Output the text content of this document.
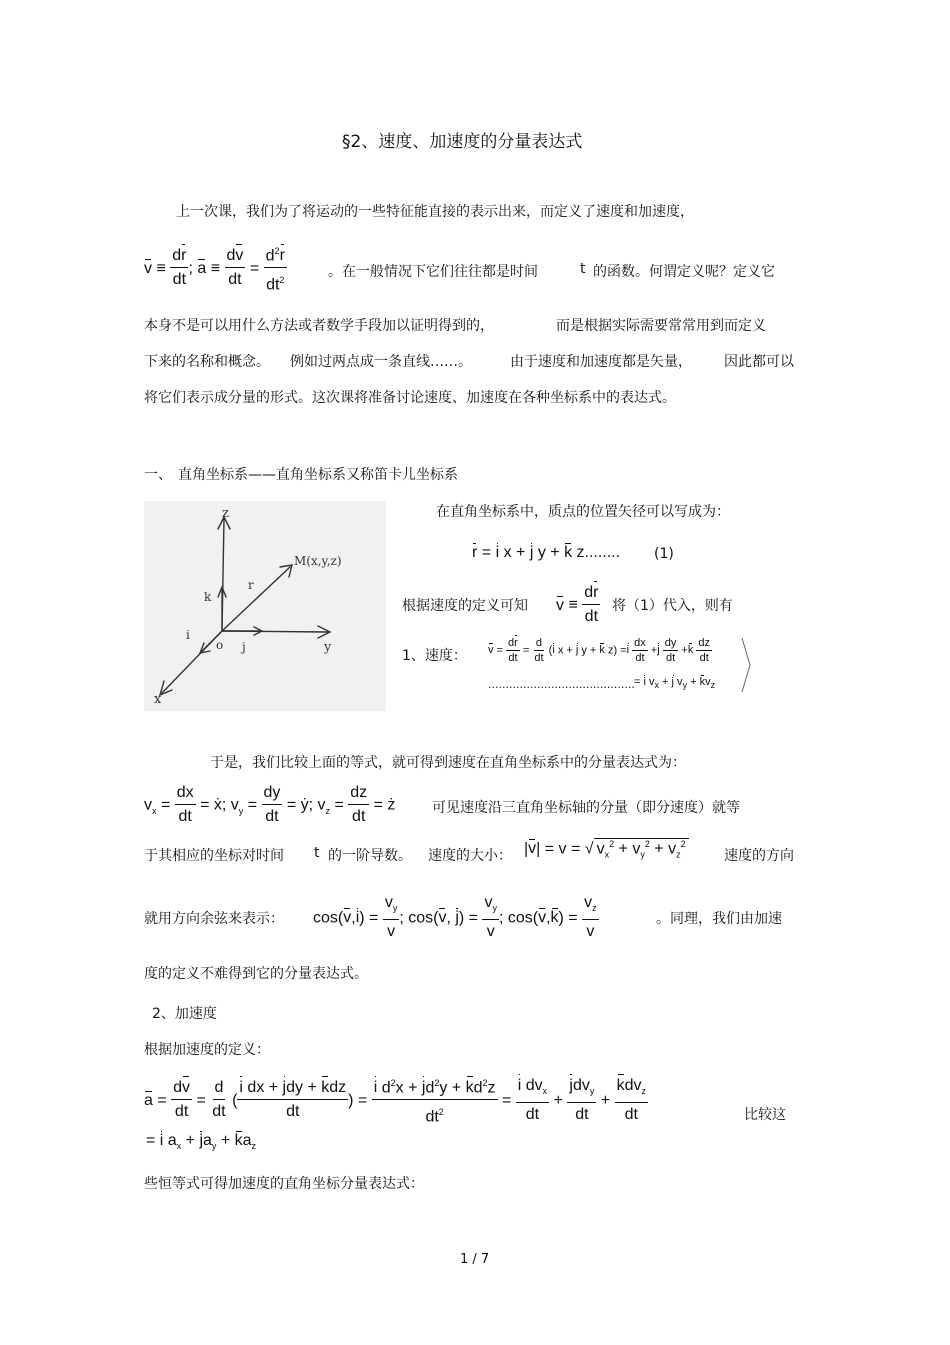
§2、速度、加速度的分量表达式
上一次课，我们为了将运动的一些特征能直接的表示出来，而定义了速度和加速度，
$v \equiv \frac{dr}{dt}$ ; $a \equiv \frac{dv}{dt} = \frac{d^2r}{dt^2}$	。在一般情况下它们往往都是时间	t 的函数。何谓定义呢？定义它
本身不是可以用什么方法或者数学手段加以证明得到的，	而是根据实际需要常常用到而定义
下来的名称和概念。 例如过两点成一条直线……。	由于速度和加速度都是矢量， 因此都可以
将它们表示成分量的形式。这次课将准备讨论速度、加速度在各种坐标系中的表达式。
一、 直角坐标系——直角坐标系又称笛卡儿坐标系
z
y
x
o
M(x,y,z)
k
j
i
r
在直角坐标系中，质点的位置矢径可以写成为：
r = i x + j y + k z........ (1)
根据速度的定义可知 $v \equiv \frac{dr}{dt}$ 将（1）代入，则有
1、速度： $v = \frac{dr}{dt} = \frac{d}{dt} (i$ x + j y + k $z) =i \frac{dx}{dt} +j \frac{dy}{dt} +k \frac{dz}{dt}$
.......................................... = i $v_x + j$ $v_y + kv_z$
于是，我们比较上面的等式，就可得到速度在直角坐标系中的分量表达式为：
$v_x = \frac{dx}{dt}$ = ẋ; $v_y = \frac{dy}{dt}$ = ẏ; $v_z = \frac{dz}{dt}$ = ż	可见速度沿三直角坐标轴的分量（即分速度）就等
于其相应的坐标对时间 t 的一阶导数。 速度的大小： |v| = v = √ $v_x^2 + v_y^2 + v_z^2$
速度的方向
就用方向余弦来表示： $\cos(v,i) = \frac{v_y}{v}$ ; cos(v, $j) = \frac{v_y}{v}$ ; $\cos(v,k) = \frac{v_z}{v}$	。同理，我们由加速
度的定义不难得到它的分量表达式。
2、加速度
根据加速度的定义：
$a = \frac{dv}{dt} = \frac{d}{dt}$ ( $\frac{\text{i dx + jdy + kdz}}{dt}$ ) = $\frac{i d^2x + jd^2y + kd^2z}{dt^2} = \frac{i dv_x}{dt} + \frac{jdv_y}{dt} + \frac{kdv_z}{dt}$	比较这
= i $a_x + ja_y + ka_z$
些恒等式可得加速度的直角坐标分量表达式：
1 / 7
